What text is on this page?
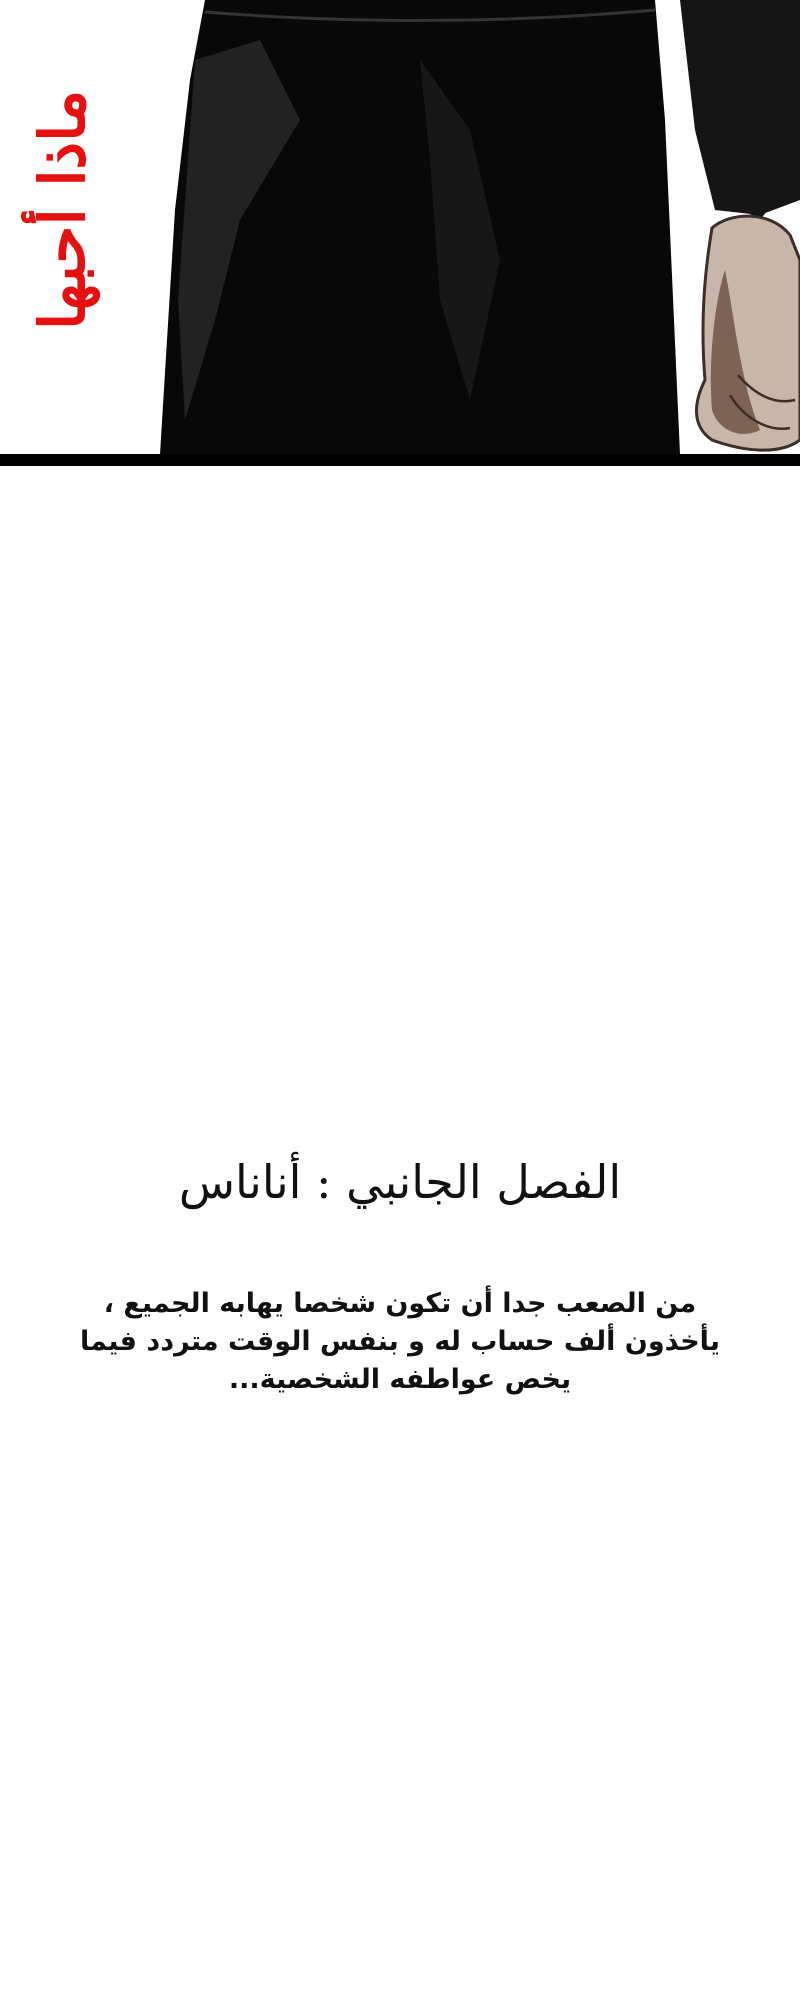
ماذا أحبها
الفصل الجانبي : أناناس

من الصعب جدا أن تكون شخصا يهابه الجميع ،

يأخذون ألف حساب له و بنفس الوقت متردد فيما

يخص عواطفه الشخصية...
